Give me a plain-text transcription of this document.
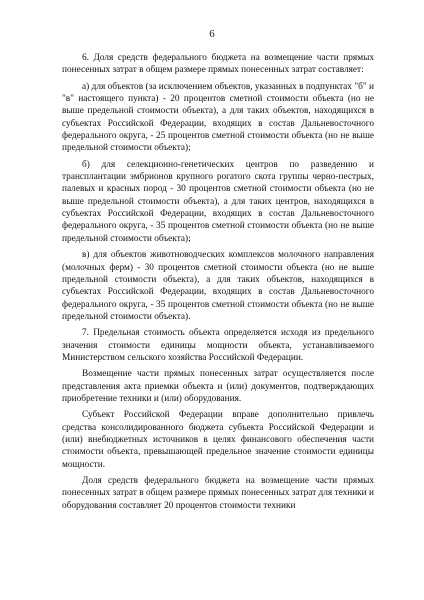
6

6. Доля средств федерального бюджета на возмещение части прямых понесенных затрат в общем размере прямых понесенных затрат составляет:

а) для объектов (за исключением объектов, указанных в подпунктах "б" и "в" настоящего пункта) - 20 процентов сметной стоимости объекта (но не выше предельной стоимости объекта), а для таких объектов, находящихся в субъектах Российской Федерации, входящих в состав Дальневосточного федерального округа, - 25 процентов сметной стоимости объекта (но не выше предельной стоимости объекта);

б) для селекционно-генетических центров по разведению и трансплантации эмбрионов крупного рогатого скота группы черно-пестрых, палевых и красных пород - 30 процентов сметной стоимости объекта (но не выше предельной стоимости объекта), а для таких центров, находящихся в субъектах Российской Федерации, входящих в состав Дальневосточного федерального округа, - 35 процентов сметной стоимости объекта (но не выше предельной стоимости объекта);

в) для объектов животноводческих комплексов молочного направления (молочных ферм) - 30 процентов сметной стоимости объекта (но не выше предельной стоимости объекта), а для таких объектов, находящихся в субъектах Российской Федерации, входящих в состав Дальневосточного федерального округа, - 35 процентов сметной стоимости объекта (но не выше предельной стоимости объекта).

7. Предельная стоимость объекта определяется исходя из предельного значения стоимости единицы мощности объекта, устанавливаемого Министерством сельского хозяйства Российской Федерации.

Возмещение части прямых понесенных затрат осуществляется после представления акта приемки объекта и (или) документов, подтверждающих приобретение техники и (или) оборудования.

Субъект Российской Федерации вправе дополнительно привлечь средства консолидированного бюджета субъекта Российской Федерации и (или) внебюджетных источников в целях финансового обеспечения части стоимости объекта, превышающей предельное значение стоимости единицы мощности.

Доля средств федерального бюджета на возмещение части прямых понесенных затрат в общем размере прямых понесенных затрат для техники и оборудования составляет 20 процентов стоимости техники
